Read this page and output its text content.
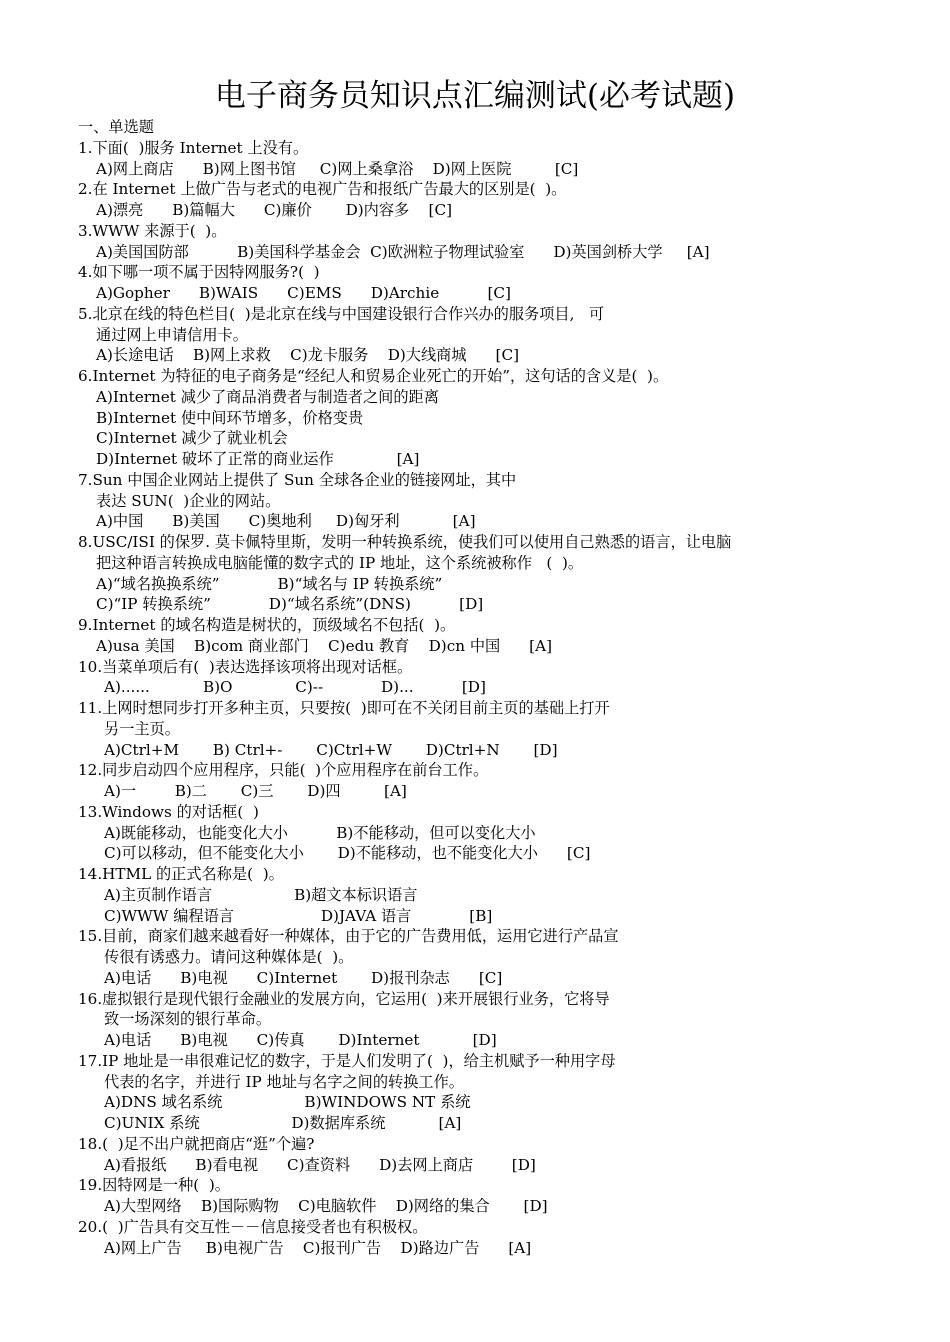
电子商务员知识点汇编测试(必考试题)
一、单选题
1.下面(  )服务 Internet 上没有。
A)网上商店      B)网上图书馆     C)网上桑拿浴    D)网上医院         [C]
2.在 Internet 上做广告与老式的电视广告和报纸广告最大的区别是(  )。
A)漂亮      B)篇幅大      C)廉价       D)内容多    [C]
3.WWW 来源于(  )。
A)美国国防部          B)美国科学基金会  C)欧洲粒子物理试验室      D)英国剑桥大学     [A]
4.如下哪一项不属于因特网服务?(  )
A)Gopher      B)WAIS      C)EMS      D)Archie          [C]
5.北京在线的特色栏目(  )是北京在线与中国建设银行合作兴办的服务项目,   可
通过网上申请信用卡。
A)长途电话    B)网上求救    C)龙卡服务    D)大线商城      [C]
6.Internet 为特征的电子商务是“经纪人和贸易企业死亡的开始”，这句话的含义是(  )。
A)Internet 减少了商品消费者与制造者之间的距离
B)Internet 使中间环节增多，价格变贵
C)Internet 减少了就业机会
D)Internet 破坏了正常的商业运作             [A]
7.Sun 中国企业网站上提供了 Sun 全球各企业的链接网址，其中
表达 SUN(  )企业的网站。
A)中国      B)美国      C)奥地利     D)匈牙利           [A]
8.USC/ISI 的保罗. 莫卡佩特里斯，发明一种转换系统，使我们可以使用自己熟悉的语言，让电脑
把这种语言转换成电脑能懂的数字式的 IP 地址，这个系统被称作   (  )。
A)“域名换换系统”            B)“域名与 IP 转换系统”
C)“IP 转换系统”            D)“域名系统”(DNS)          [D]
9.Internet 的域名构造是树状的，顶级域名不包括(  )。
A)usa 美国    B)com 商业部门    C)edu 教育    D)cn 中国      [A]
10.当菜单项后有(  )表达选择该项将出现对话框。
A)......           B)O             C)--            D)...          [D]
11.上网时想同步打开多种主页，只要按(  )即可在不关闭目前主页的基础上打开
另一主页。
A)Ctrl+M       B) Ctrl+-       C)Ctrl+W       D)Ctrl+N       [D]
12.同步启动四个应用程序，只能(  )个应用程序在前台工作。
A)一        B)二       C)三       D)四         [A]
13.Windows 的对话框(  )
A)既能移动，也能变化大小          B)不能移动，但可以变化大小
C)可以移动，但不能变化大小       D)不能移动，也不能变化大小      [C]
14.HTML 的正式名称是(  )。
A)主页制作语言                 B)超文本标识语言
C)WWW 编程语言                  D)JAVA 语言            [B]
15.目前，商家们越来越看好一种媒体，由于它的广告费用低，运用它进行产品宣
传很有诱惑力。请问这种媒体是(  )。
A)电话      B)电视      C)Internet       D)报刊杂志      [C]
16.虚拟银行是现代银行金融业的发展方向，它运用(  )来开展银行业务，它将导
致一场深刻的银行革命。
A)电话      B)电视      C)传真       D)Internet           [D]
17.IP 地址是一串很难记忆的数字，于是人们发明了(  )，给主机赋予一种用字母
代表的名字，并进行 IP 地址与名字之间的转换工作。
A)DNS 域名系统                 B)WINDOWS NT 系统
C)UNIX 系统                   D)数据库系统           [A]
18.(  )足不出户就把商店“逛”个遍?
A)看报纸      B)看电视      C)查资料      D)去网上商店        [D]
19.因特网是一种(  )。
A)大型网络    B)国际购物    C)电脑软件    D)网络的集合       [D]
20.(  )广告具有交互性－－信息接受者也有积极权。
A)网上广告     B)电视广告    C)报刊广告    D)路边广告      [A]
